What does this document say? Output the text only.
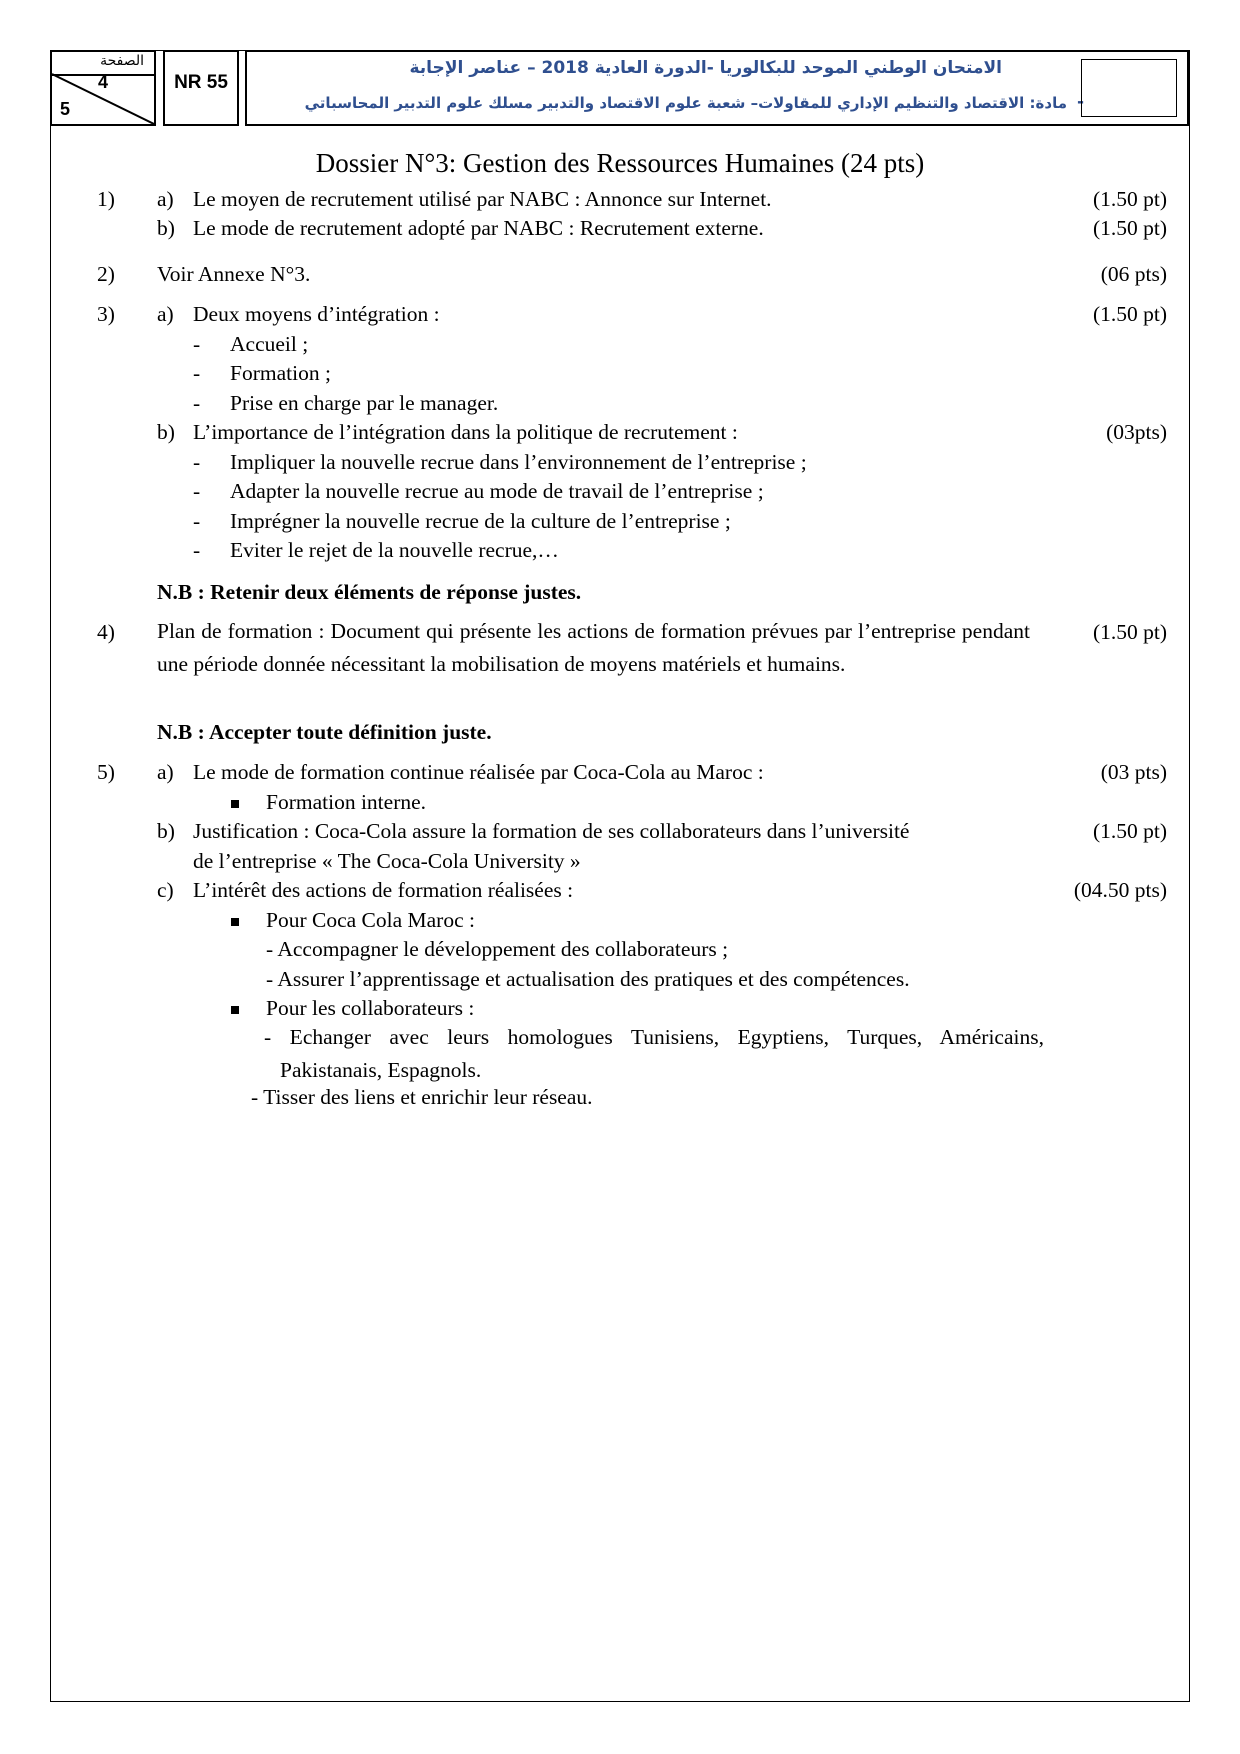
الصفحة
4
5
NR 55
الامتحان الوطني الموحد للبكالوريا -الدورة العادية 2018 – عناصر الإجابة
-
مادة: الاقتصاد والتنظيم الإداري للمقاولات– شعبة علوم الاقتصاد والتدبير مسلك علوم التدبير المحاسباتي
Dossier N°3: Gestion des Ressources Humaines (24 pts)
1) a) Le moyen de recrutement utilisé par NABC : Annonce sur Internet.	(1.50 pt)
b) Le mode de recrutement adopté par NABC : Recrutement externe.	(1.50 pt)
2) Voir Annexe N°3.	(06 pts)
3) a) Deux moyens d’intégration :	(1.50 pt)
- Accueil ;
- Formation ;
- Prise en charge par le manager.
b) L’importance de l’intégration dans la politique de recrutement :	(03pts)
- Impliquer la nouvelle recrue dans l’environnement de l’entreprise ;
- Adapter la nouvelle recrue au mode de travail de l’entreprise ;
- Imprégner la nouvelle recrue de la culture de l’entreprise ;
- Eviter le rejet de la nouvelle recrue,…
N.B : Retenir deux éléments de réponse justes.
4) Plan de formation : Document qui présente les actions de formation prévues par l’entreprise pendant une période donnée nécessitant la mobilisation de moyens matériels et humains.
(1.50 pt)
N.B : Accepter toute définition juste.
5) a) Le mode de formation continue réalisée par Coca-Cola au Maroc :	(03 pts)
Formation interne.
b) Justification : Coca-Cola assure la formation de ses collaborateurs dans l’université	(1.50 pt)
de l’entreprise « The Coca-Cola University »
c) L’intérêt des actions de formation réalisées :	(04.50 pts)
Pour Coca Cola Maroc :
- Accompagner le développement des collaborateurs ;
- Assurer l’apprentissage et actualisation des pratiques et des compétences.
Pour les collaborateurs :
- Echanger avec leurs homologues Tunisiens, Egyptiens, Turques, Américains, Pakistanais, Espagnols.
- Tisser des liens et enrichir leur réseau.
